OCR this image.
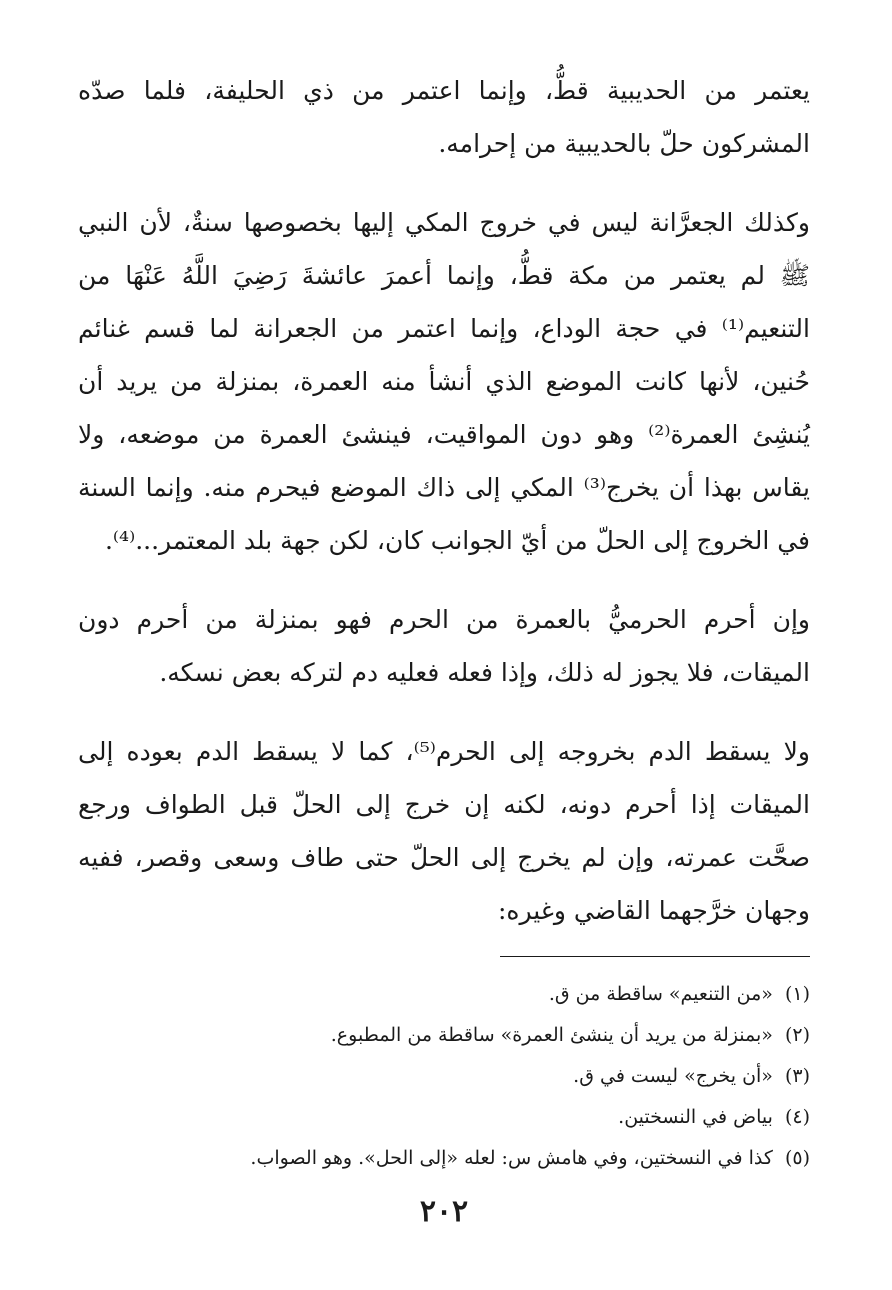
يعتمر من الحديبية قطُّ، وإنما اعتمر من ذي الحليفة، فلما صدّه المشركون حلّ بالحديبية من إحرامه.

وكذلك الجعرَّانة ليس في خروج المكي إليها بخصوصها سنةٌ، لأن النبي ﷺ لم يعتمر من مكة قطُّ، وإنما أعمرَ عائشةَ رَضِيَ اللَّهُ عَنْهَا من التنعيم⁽¹⁾ في حجة الوداع، وإنما اعتمر من الجعرانة لما قسم غنائم حُنين، لأنها كانت الموضع الذي أنشأ منه العمرة، بمنزلة من يريد أن يُنشِئ العمرة⁽²⁾ وهو دون المواقيت، فينشئ العمرة من موضعه، ولا يقاس بهذا أن يخرج⁽³⁾ المكي إلى ذاك الموضع فيحرم منه. وإنما السنة في الخروج إلى الحلّ من أيّ الجوانب كان، لكن جهة بلد المعتمر...⁽⁴⁾.

وإن أحرم الحرميُّ بالعمرة من الحرم فهو بمنزلة من أحرم دون الميقات، فلا يجوز له ذلك، وإذا فعله فعليه دم لتركه بعض نسكه.

ولا يسقط الدم بخروجه إلى الحرم⁽⁵⁾، كما لا يسقط الدم بعوده إلى الميقات إذا أحرم دونه، لكنه إن خرج إلى الحلّ قبل الطواف ورجع صحَّت عمرته، وإن لم يخرج إلى الحلّ حتى طاف وسعى وقصر، ففيه وجهان خرَّجهما القاضي وغيره:

(١)«من التنعيم» ساقطة من ق.
(٢)«بمنزلة من يريد أن ينشئ العمرة» ساقطة من المطبوع.
(٣)«أن يخرج» ليست في ق.
(٤)بياض في النسختين.
(٥)كذا في النسختين، وفي هامش س: لعله «إلى الحل». وهو الصواب.
٢٠٢
